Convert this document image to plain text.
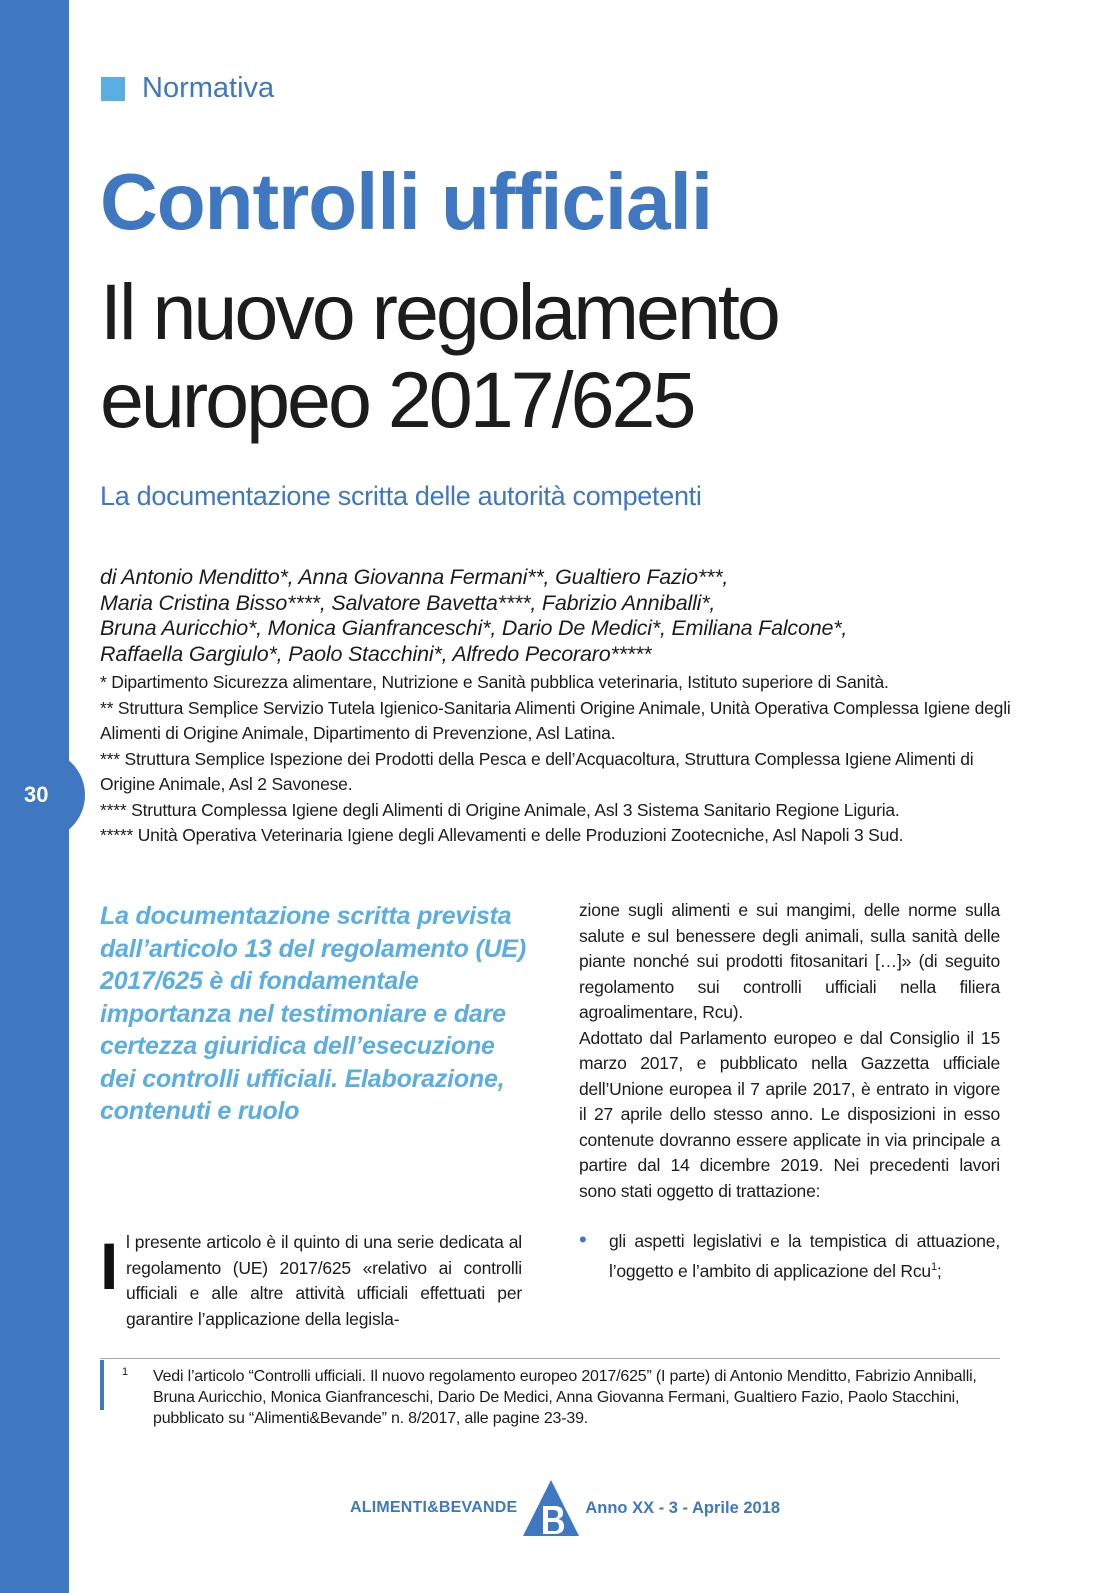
30
Normativa
Controlli ufficiali
Il nuovo regolamento
europeo 2017/625

La documentazione scritta delle autorità competenti

di Antonio Menditto*, Anna Giovanna Fermani**, Gualtiero Fazio***,
Maria Cristina Bisso****, Salvatore Bavetta****, Fabrizio Anniballi*,
Bruna Auricchio*, Monica Gianfranceschi*, Dario De Medici*, Emiliana Falcone*,
Raffaella Gargiulo*, Paolo Stacchini*, Alfredo Pecoraro*****

* Dipartimento Sicurezza alimentare, Nutrizione e Sanità pubblica veterinaria, Istituto superiore di Sanità.

** Struttura Semplice Servizio Tutela Igienico-Sanitaria Alimenti Origine Animale, Unità Operativa Complessa Igiene degli Alimenti di Origine Animale, Dipartimento di Prevenzione, Asl Latina.

*** Struttura Semplice Ispezione dei Prodotti della Pesca e dell’Acquacoltura, Struttura Complessa Igiene Alimenti di Origine Animale, Asl 2 Savonese.

**** Struttura Complessa Igiene degli Alimenti di Origine Animale, Asl 3 Sistema Sanitario Regione Liguria.

***** Unità Operativa Veterinaria Igiene degli Allevamenti e delle Produzioni Zootecniche, Asl Napoli 3 Sud.

La documentazione scritta prevista dall’articolo 13 del regolamento (UE) 2017/625 è di fondamentale importanza nel testimoniare e dare certezza giuridica dell’esecuzione dei controlli ufficiali. Elaborazione, contenuti e ruolo

I l presente articolo è il quinto di una serie dedicata al regolamento (UE) 2017/625 «relativo ai controlli ufficiali e alle altre attività ufficiali effettuati per garantire l’applicazione della legisla-

zione sugli alimenti e sui mangimi, delle norme sulla salute e sul benessere degli animali, sulla sanità delle piante nonché sui prodotti fitosanitari […]» (di seguito regolamento sui controlli ufficiali nella filiera agroalimentare, Rcu).

Adottato dal Parlamento europeo e dal Consiglio il 15 marzo 2017, e pubblicato nella Gazzetta ufficiale dell’Unione europea il 7 aprile 2017, è entrato in vigore il 27 aprile dello stesso anno. Le disposizioni in esso contenute dovranno essere applicate in via principale a partire dal 14 dicembre 2019. Nei precedenti lavori sono stati oggetto di trattazione:

•	gli aspetti legislativi e la tempistica di attuazione, l’oggetto e l’ambito di applicazione del Rcu$^1$;
1 Vedi l’articolo “Controlli ufficiali. Il nuovo regolamento europeo 2017/625” (I parte) di Antonio Menditto, Fabrizio Anniballi, Bruna Auricchio, Monica Gianfranceschi, Dario De Medici, Anna Giovanna Fermani, Gualtiero Fazio, Paolo Stacchini, pubblicato su “Alimenti&Bevande” n. 8/2017, alle pagine 23-39.
ALIMENTI&BEVANDE	Anno XX - 3 - Aprile 2018
